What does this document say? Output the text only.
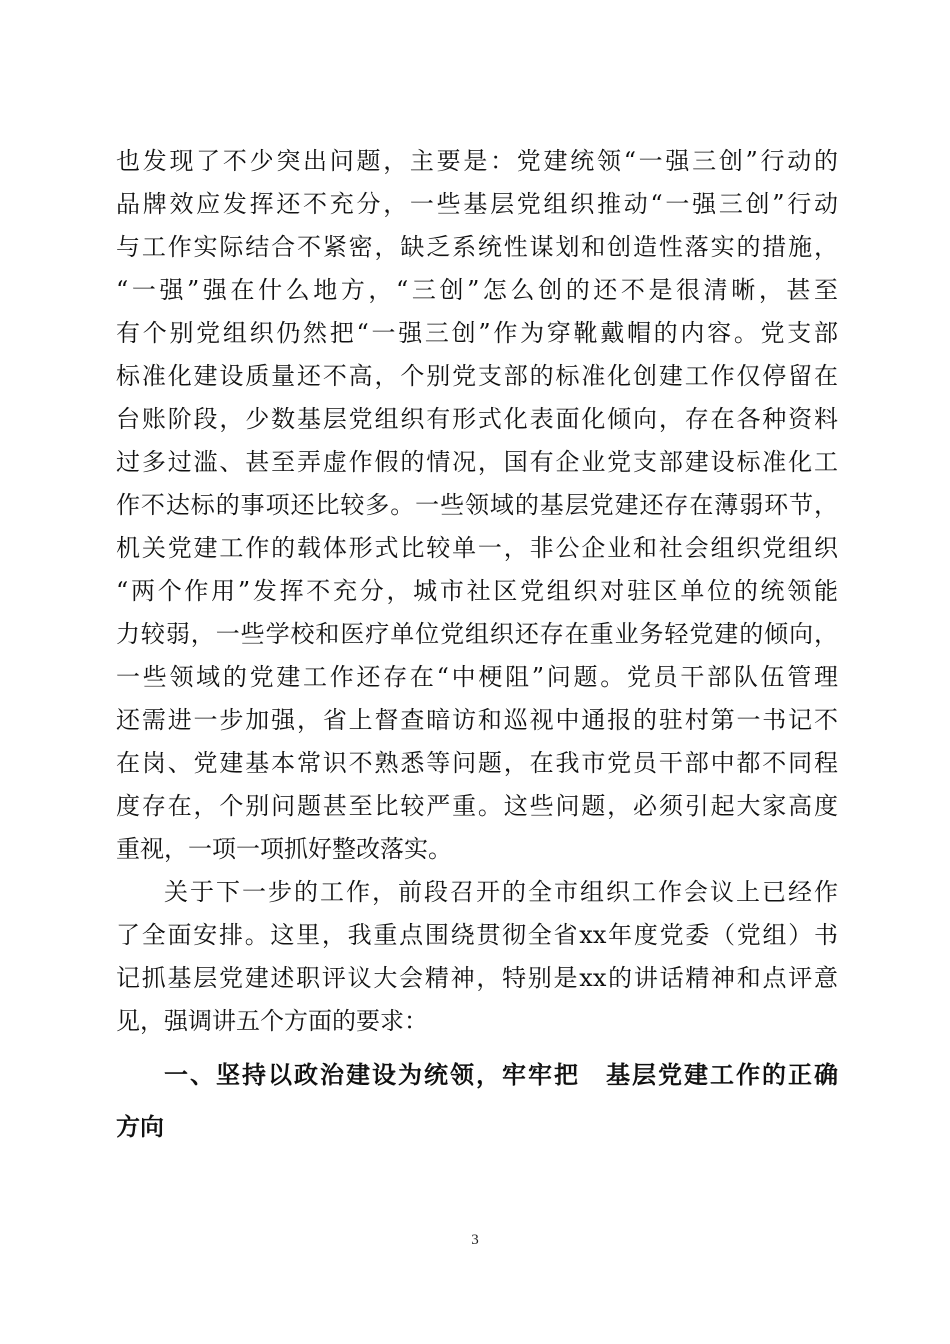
也发现了不少突出问题，主要是：党建统领“一强三创”行动的
品牌效应发挥还不充分，一些基层党组织推动“一强三创”行动
与工作实际结合不紧密，缺乏系统性谋划和创造性落实的措施，
“一强”强在什么地方，“三创”怎么创的还不是很清晰，甚至
有个别党组织仍然把“一强三创”作为穿靴戴帽的内容。党支部
标准化建设质量还不高，个别党支部的标准化创建工作仅停留在
台账阶段，少数基层党组织有形式化表面化倾向，存在各种资料
过多过滥、甚至弄虚作假的情况，国有企业党支部建设标准化工
作不达标的事项还比较多。一些领域的基层党建还存在薄弱环节，
机关党建工作的载体形式比较单一，非公企业和社会组织党组织
“两个作用”发挥不充分，城市社区党组织对驻区单位的统领能
力较弱，一些学校和医疗单位党组织还存在重业务轻党建的倾向，
一些领域的党建工作还存在“中梗阻”问题。党员干部队伍管理
还需进一步加强，省上督查暗访和巡视中通报的驻村第一书记不
在岗、党建基本常识不熟悉等问题，在我市党员干部中都不同程
度存在，个别问题甚至比较严重。这些问题，必须引起大家高度
重视，一项一项抓好整改落实。
关于下一步的工作，前段召开的全市组织工作会议上已经作
了全面安排。这里，我重点围绕贯彻全省xx年度党委（党组）书
记抓基层党建述职评议大会精神，特别是xx的讲话精神和点评意
见，强调讲五个方面的要求：
一、坚持以政治建设为统领，牢牢把　基层党建工作的正确
方向
3
